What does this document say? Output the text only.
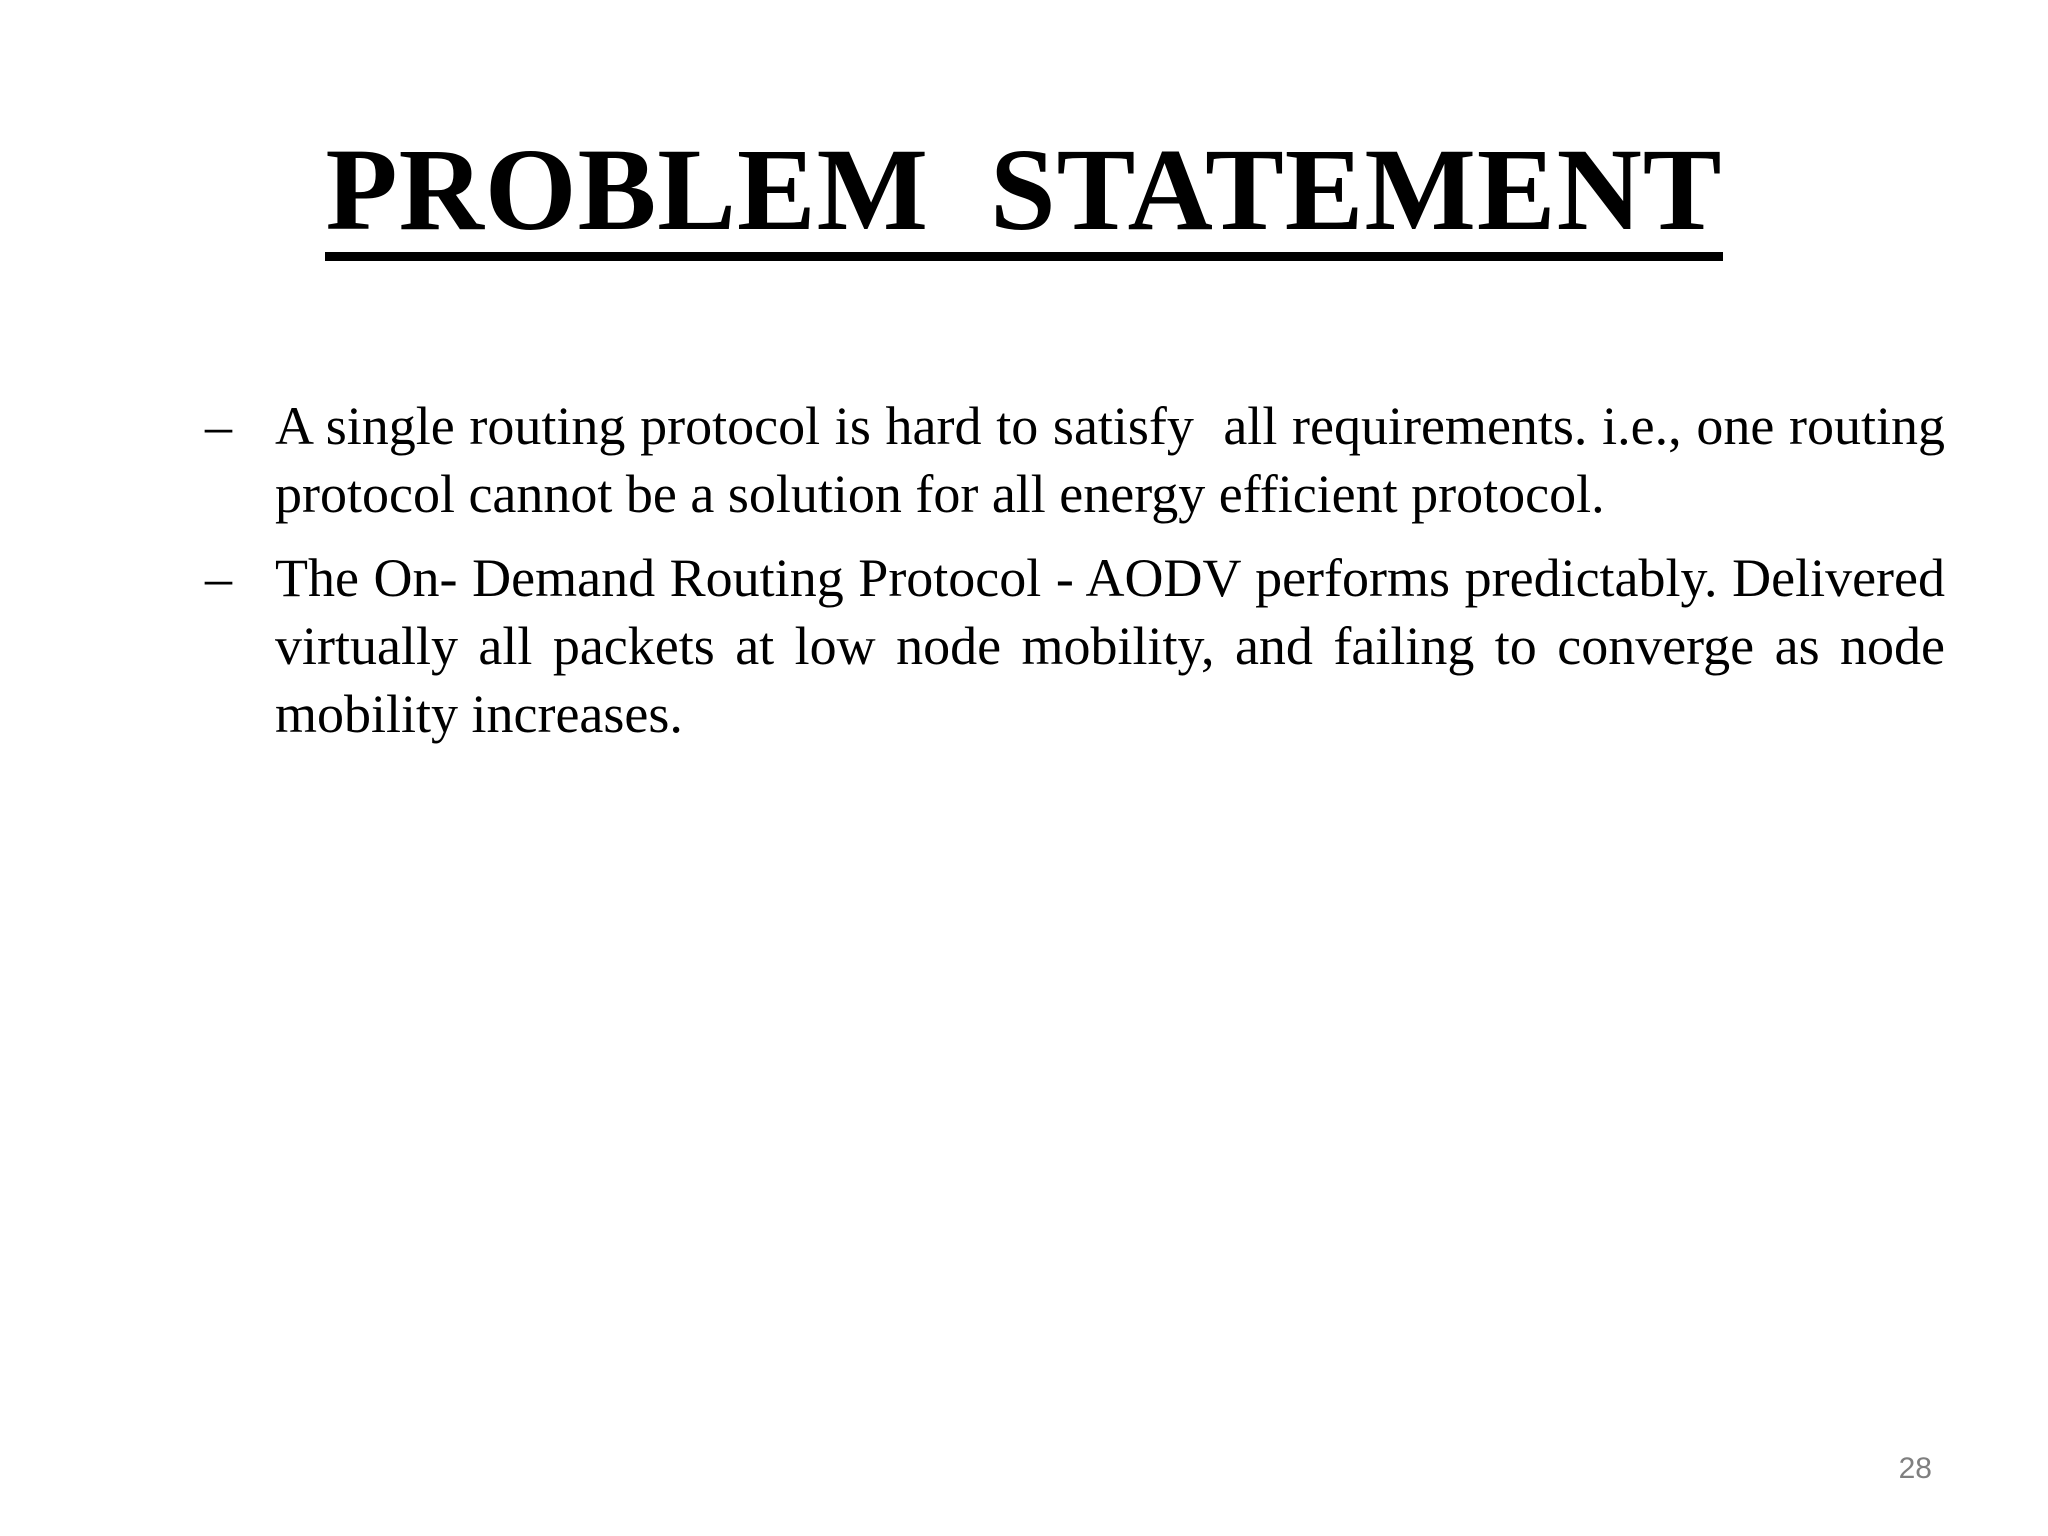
PROBLEM  STATEMENT
– A single routing protocol is hard to satisfy  all requirements. i.e., one routing protocol cannot be a solution for all energy efficient protocol.
– The On- Demand Routing Protocol - AODV performs predictably. Delivered virtually all packets at low node mobility, and failing to converge as node mobility increases.
28
